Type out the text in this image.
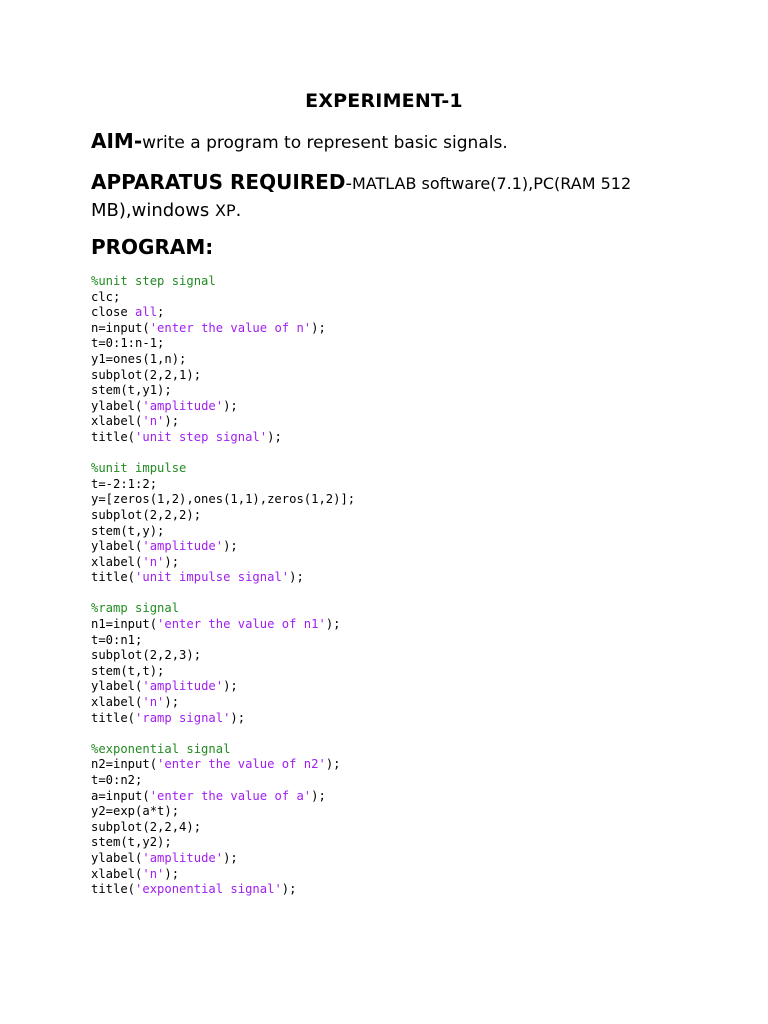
EXPERIMENT-1
AIM-write a program to represent basic signals.
APPARATUS REQUIRED-MATLAB software(7.1),PC(RAM 512
MB),windows XP.
PROGRAM:
%unit step signal
clc;
close all;
n=input('enter the value of n');
t=0:1:n-1;
y1=ones(1,n);
subplot(2,2,1);
stem(t,y1);
ylabel('amplitude');
xlabel('n');
title('unit step signal');
%unit impulse
t=-2:1:2;
y=[zeros(1,2),ones(1,1),zeros(1,2)];
subplot(2,2,2);
stem(t,y);
ylabel('amplitude');
xlabel('n');
title('unit impulse signal');
%ramp signal
n1=input('enter the value of n1');
t=0:n1;
subplot(2,2,3);
stem(t,t);
ylabel('amplitude');
xlabel('n');
title('ramp signal');
%exponential signal
n2=input('enter the value of n2');
t=0:n2;
a=input('enter the value of a');
y2=exp(a*t);
subplot(2,2,4);
stem(t,y2);
ylabel('amplitude');
xlabel('n');
title('exponential signal');
